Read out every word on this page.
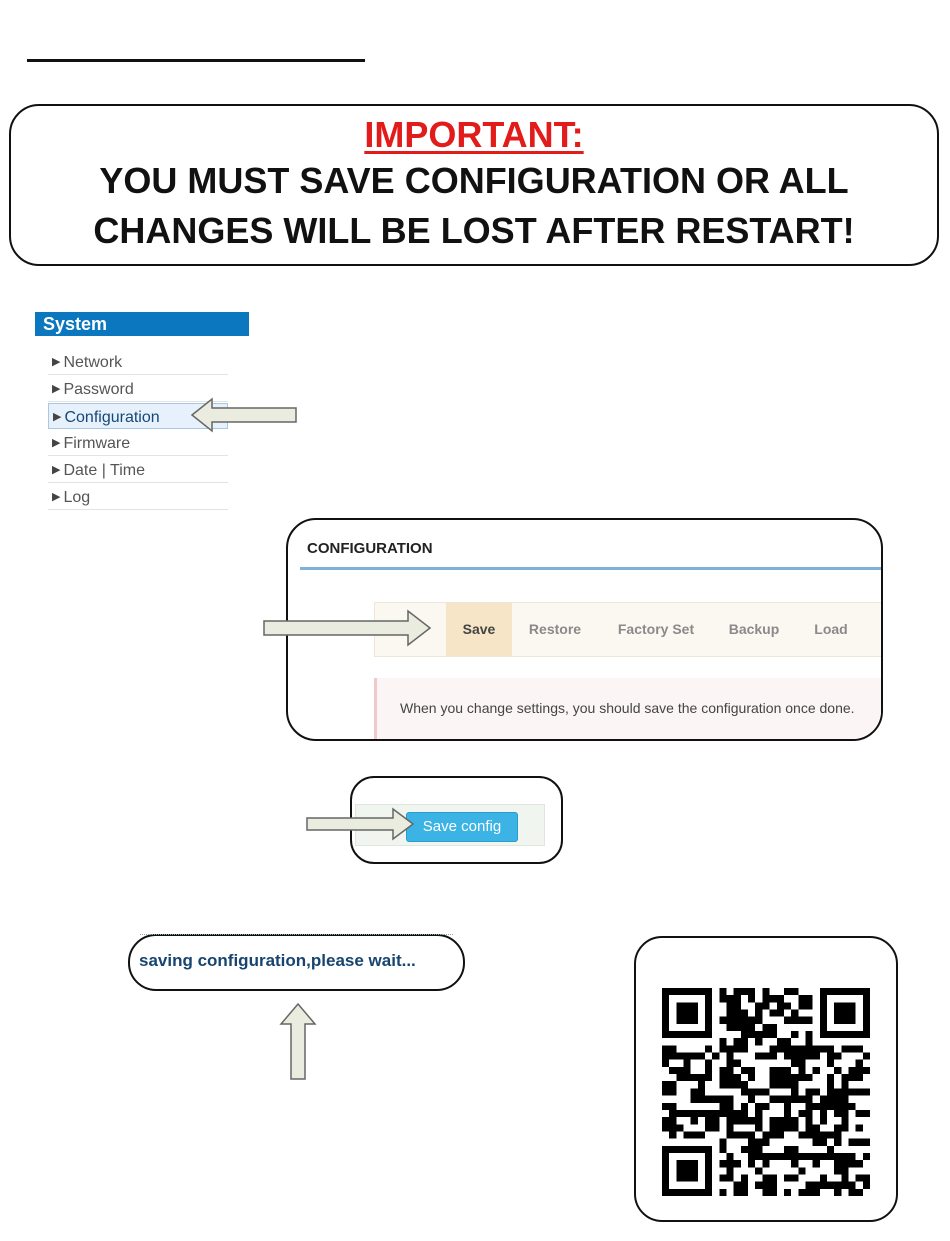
IMPORTANT:
YOU MUST SAVE CONFIGURATION OR ALL
CHANGES WILL BE LOST AFTER RESTART!
System
▶ Network
▶ Password
▶ Configuration
▶ Firmware
▶ Date | Time
▶ Log
CONFIGURATION
Save	Restore	Factory Set	Backup	Load
When you change settings, you should save the configuration once done.
Save config
saving configuration,please wait...
